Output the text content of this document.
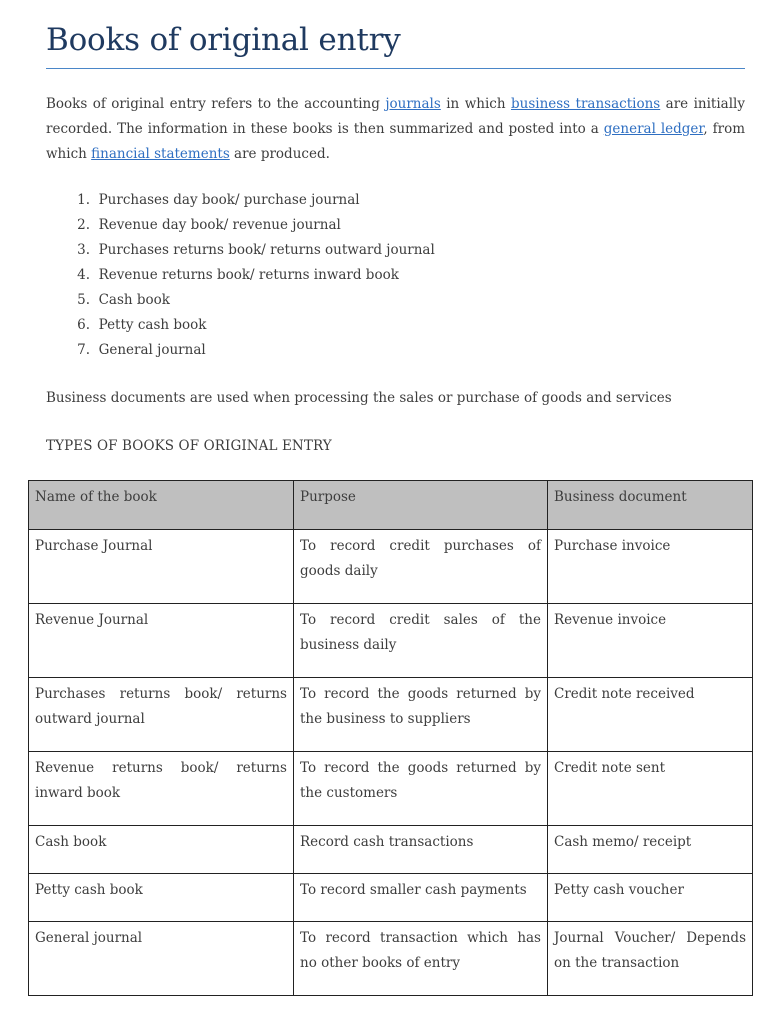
Books of original entry

Books of original entry refers to the accounting journals in which business transactions are initially recorded. The information in these books is then summarized and posted into a general ledger, from which financial statements are produced.

1. Purchases day book/ purchase journal
2. Revenue day book/ revenue journal
3. Purchases returns book/ returns outward journal
4. Revenue returns book/ returns inward book
5. Cash book
6. Petty cash book
7. General journal
Business documents are used when processing the sales or purchase of goods and services
TYPES OF BOOKS OF ORIGINAL ENTRY
Name of the book	Purpose	Business document
Purchase Journal	To record credit purchases of goods daily	Purchase invoice
Revenue Journal	To record credit sales of the business daily	Revenue invoice
Purchases returns book/ returns outward journal	To record the goods returned by the business to suppliers	Credit note received
Revenue returns book/ returns inward book	To record the goods returned by the customers	Credit note sent
Cash book	Record cash transactions	Cash memo/ receipt
Petty cash book	To record smaller cash payments	Petty cash voucher
General journal	To record transaction which has no other books of entry	Journal Voucher/ Depends on the transaction
